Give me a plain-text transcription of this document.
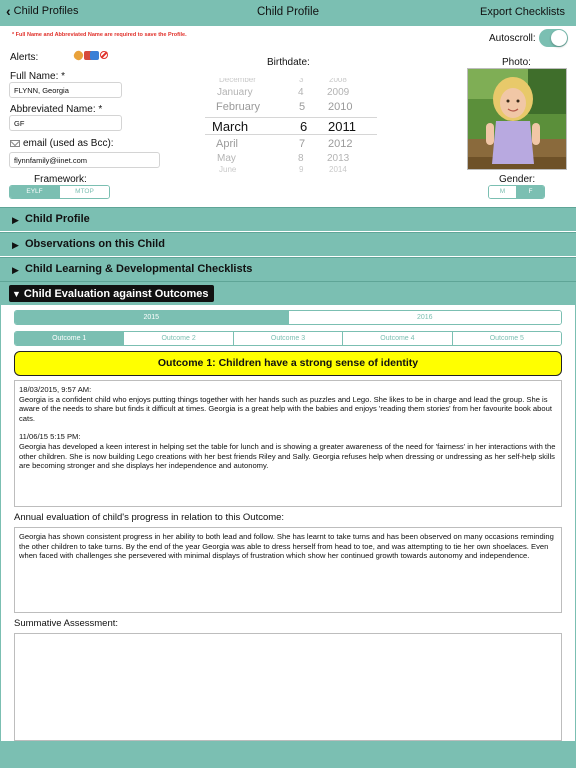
‹ Child Profiles	Child Profile	Export Checklists
* Full Name and Abbreviated Name are required to save the Profile.
Alerts:
Full Name: *
FLYNN, Georgia
Abbreviated Name: *
GF
email (used as Bcc):
flynnfamily@iinet.com
Framework:
EYLF	MTOP
Birthdate:
December	3	2008
January	4 2009
February	5 2010
March	6 2011
April	7 2012
May	8 2013
June	9	2014
Autoscroll:
Photo:
Gender:
M	F
▶ Child Profile
▶ Observations on this Child
▶ Child Learning & Developmental Checklists
▼ Child Evaluation against Outcomes
2015	2016
Outcome 1	Outcome 2	Outcome 3	Outcome 4	Outcome 5
Outcome 1: Children have a strong sense of identity

18/03/2015, 9:57 AM:

Georgia is a confident child who enjoys putting things together with her hands such as puzzles and Lego. She likes to be in charge and lead the group. She is aware of the needs to share but finds it difficult at times. Georgia is a great help with the babies and enjoys 'reading them stories' from her favourite book about cats.

11/06/15 5:15 PM:

Georgia has developed a keen interest in helping set the table for lunch and is showing a greater awareness of the need for 'fairness' in her interactions with the other children. She is now building Lego creations with her best friends Riley and Sally. Georgia refuses help when dressing or undressing as her self-help skills are becoming stronger and she displays her independence and autonomy.

Annual evaluation of child's progress in relation to this Outcome:

Georgia has shown consistent progress in her ability to both lead and follow. She has learnt to take turns and has been observed on many occasions reminding the other children to take turns. By the end of the year Georgia was able to dress herself from head to toe, and was attempting to tie her own shoelaces. Even when faced with challenges she persevered with minimal displays of frustration which show her continued growth towards autonomy and independence.

Summative Assessment:
